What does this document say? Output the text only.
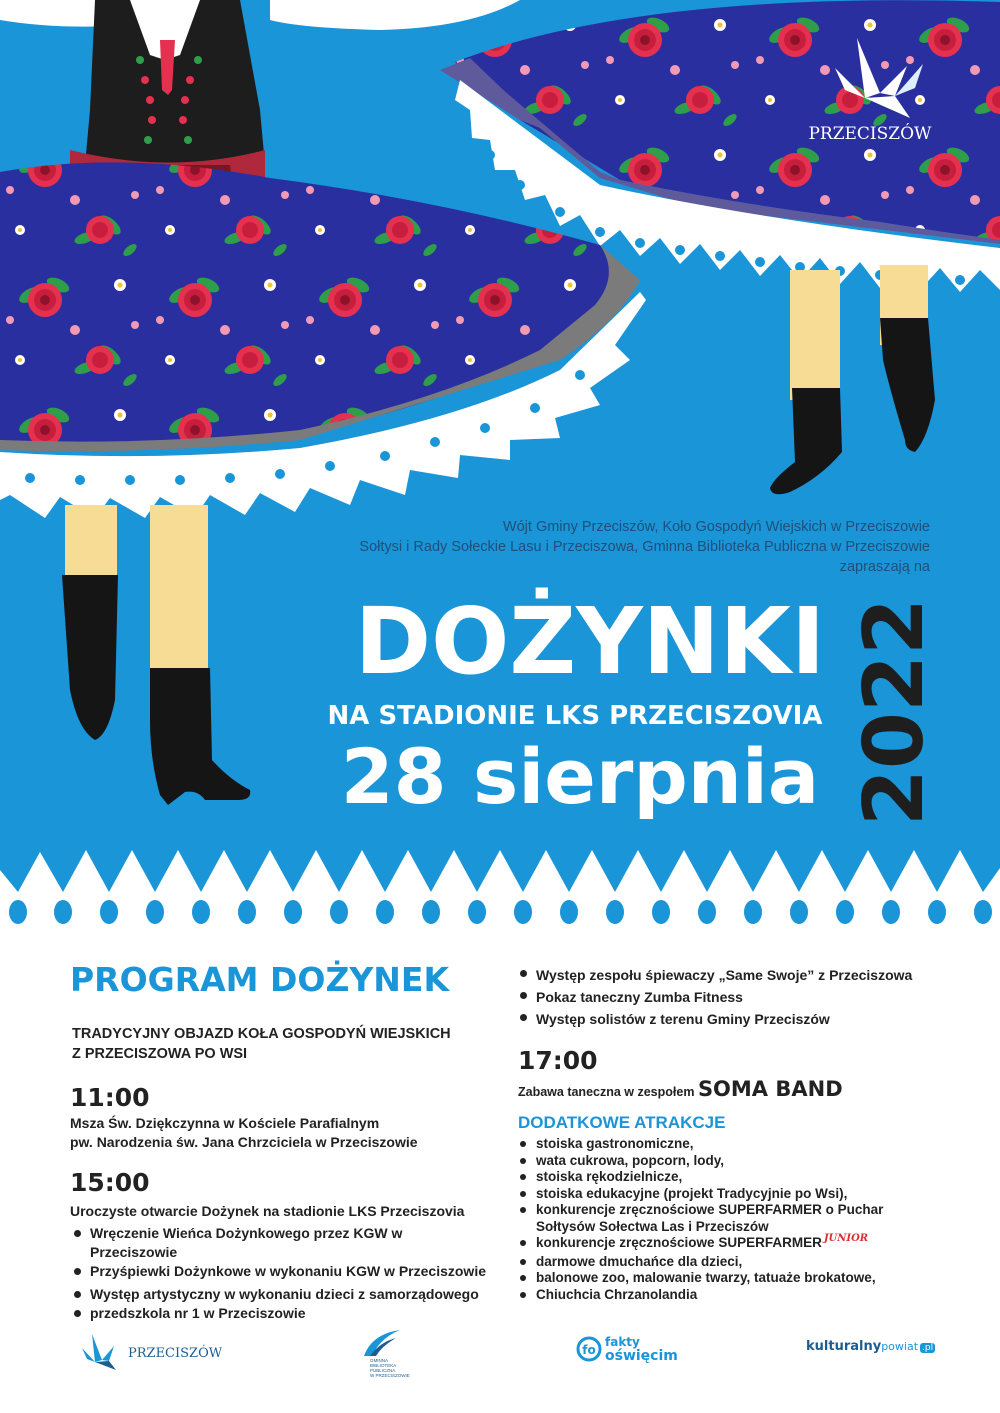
PRZECISZÓW
Wójt Gminy Przeciszów, Koło Gospodyń Wiejskich w Przeciszowie
Sołtysi i Rady Sołeckie Lasu i Przeciszowa, Gminna Biblioteka Publiczna w Przeciszowie
zapraszają na
DOŻYNKI
NA STADIONIE LKS PRZECISZOVIA
28 sierpnia 2022
PROGRAM DOŻYNEK
TRADYCYJNY OBJAZD KOŁA GOSPODYŃ WIEJSKICH
Z PRZECISZOWA PO WSI
11:00
Msza Św. Dziękczynna w Kościele Parafialnym
pw. Narodzenia św. Jana Chrzciciela w Przeciszowie
15:00
Uroczyste otwarcie Dożynek na stadionie LKS Przeciszovia
Wręczenie Wieńca Dożynkowego przez KGW w Przeciszowie
Przyśpiewki Dożynkowe w wykonaniu KGW w Przeciszowie
Występ artystyczny w wykonaniu dzieci z samorządowego
przedszkola nr 1 w Przeciszowie
Występ zespołu śpiewaczy „Same Swoje” z Przeciszowa
Pokaz taneczny Zumba Fitness
Występ solistów z terenu Gminy Przeciszów
17:00
Zabawa taneczna w zespołem SOMA BAND
DODATKOWE ATRAKCJE
stoiska gastronomiczne,
wata cukrowa, popcorn, lody,
stoiska rękodzielnicze,
stoiska edukacyjne (projekt Tradycyjnie po Wsi),
konkurencje zręcznościowe SUPERFARMER o Puchar
Sołtysów Sołectwa Las i Przeciszów
konkurencje zręcznościowe SUPERFARMER $^{JUNIOR}$
darmowe dmuchańce dla dzieci,
balonowe zoo, malowanie twarzy, tatuaże brokatowe,
Chiuchcia Chrzanolandia
PRZECISZÓW	GMINNA
BIBLIOTEKA
PUBLICZNA
W PRZECISZOWIE
fo
fakty
oświęcim
kulturalnypowiat .pl
